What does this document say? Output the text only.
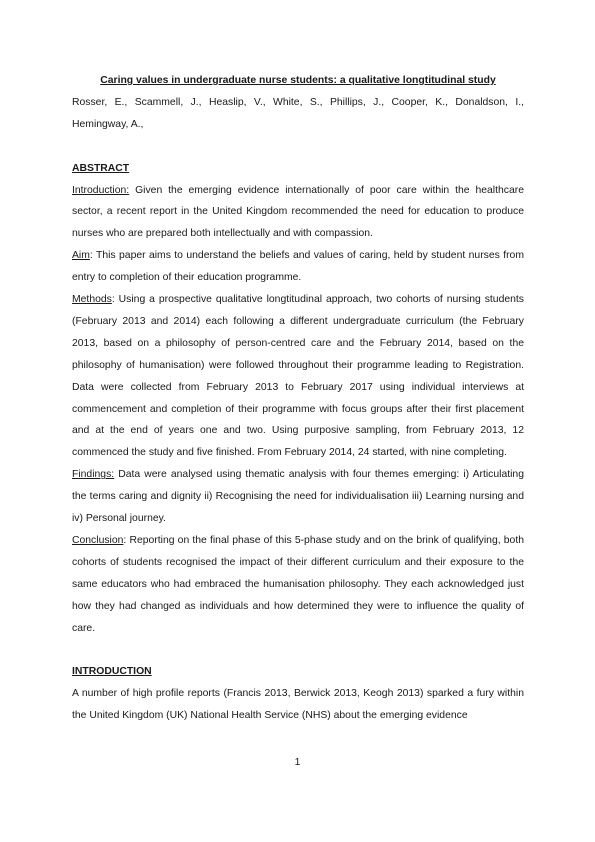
Caring values in undergraduate nurse students: a qualitative longtitudinal study

Rosser, E., Scammell, J., Heaslip, V., White, S., Phillips, J., Cooper, K., Donaldson, I., Hemingway, A.,

ABSTRACT

Introduction: Given the emerging evidence internationally of poor care within the healthcare sector, a recent report in the United Kingdom recommended the need for education to produce nurses who are prepared both intellectually and with compassion.

Aim: This paper aims to understand the beliefs and values of caring, held by student nurses from entry to completion of their education programme.

Methods: Using a prospective qualitative longtitudinal approach, two cohorts of nursing students (February 2013 and 2014) each following a different undergraduate curriculum (the February 2013, based on a philosophy of person-centred care and the February 2014, based on the philosophy of humanisation) were followed throughout their programme leading to Registration. Data were collected from February 2013 to February 2017 using individual interviews at commencement and completion of their programme with focus groups after their first placement and at the end of years one and two. Using purposive sampling, from February 2013, 12 commenced the study and five finished. From February 2014, 24 started, with nine completing.

Findings: Data were analysed using thematic analysis with four themes emerging: i) Articulating the terms caring and dignity ii) Recognising the need for individualisation iii) Learning nursing and iv) Personal journey.

Conclusion: Reporting on the final phase of this 5-phase study and on the brink of qualifying, both cohorts of students recognised the impact of their different curriculum and their exposure to the same educators who had embraced the humanisation philosophy. They each acknowledged just how they had changed as individuals and how determined they were to influence the quality of care.

INTRODUCTION

A number of high profile reports (Francis 2013, Berwick 2013, Keogh 2013) sparked a fury within the United Kingdom (UK) National Health Service (NHS) about the emerging evidence

1
